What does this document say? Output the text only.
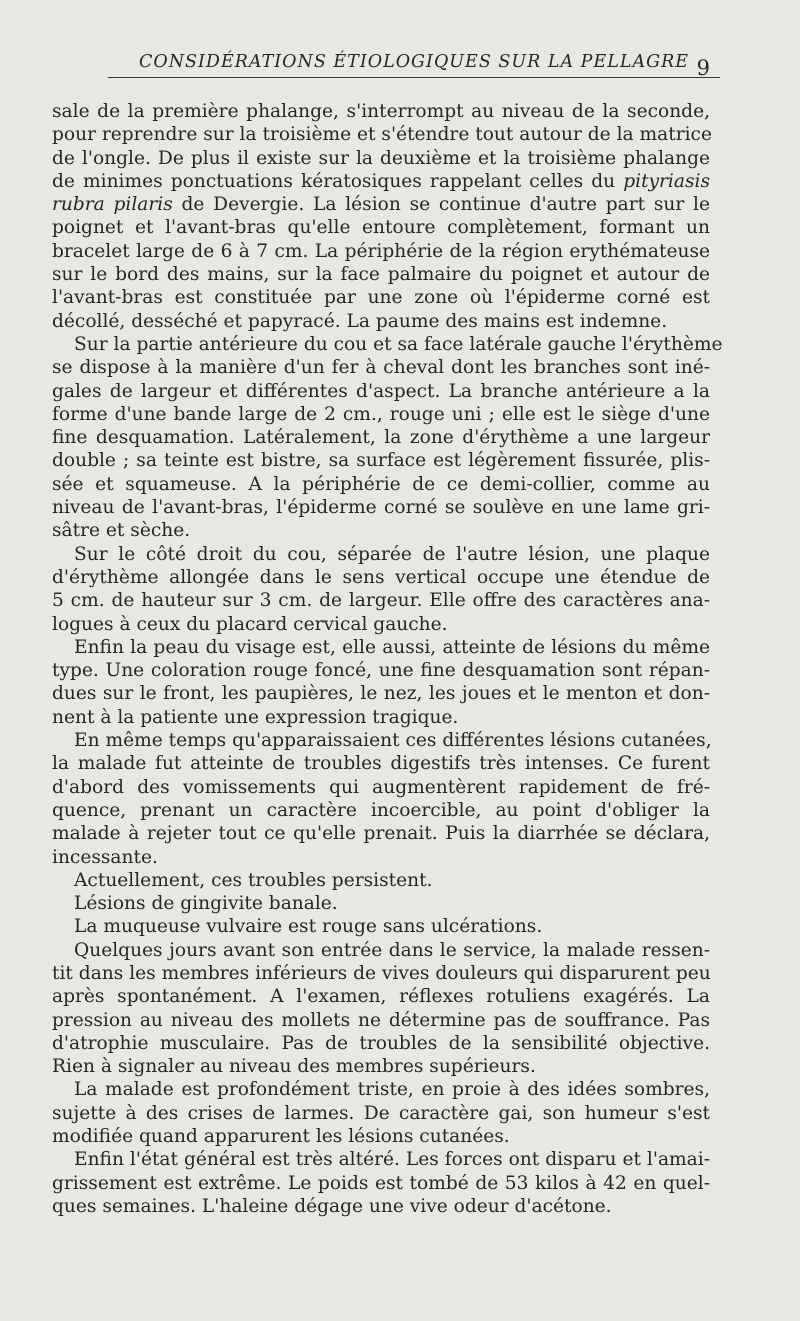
CONSIDÉRATIONS ÉTIOLOGIQUES SUR LA PELLAGRE 9
sale de la première phalange, s'interrompt au niveau de la seconde,
pour reprendre sur la troisième et s'étendre tout autour de la matrice
de l'ongle. De plus il existe sur la deuxième et la troisième phalange
de minimes ponctuations kératosiques rappelant celles du pityriasis
rubra pilaris de Devergie. La lésion se continue d'autre part sur le
poignet et l'avant-bras qu'elle entoure complètement, formant un
bracelet large de 6 à 7 cm. La périphérie de la région erythémateuse
sur le bord des mains, sur la face palmaire du poignet et autour de
l'avant-bras est constituée par une zone où l'épiderme corné est
décollé, desséché et papyracé. La paume des mains est indemne.
Sur la partie antérieure du cou et sa face latérale gauche l'érythème
se dispose à la manière d'un fer à cheval dont les branches sont iné-
gales de largeur et différentes d'aspect. La branche antérieure a la
forme d'une bande large de 2 cm., rouge uni ; elle est le siège d'une
fine desquamation. Latéralement, la zone d'érythème a une largeur
double ; sa teinte est bistre, sa surface est légèrement fissurée, plis-
sée et squameuse. A la périphérie de ce demi-collier, comme au
niveau de l'avant-bras, l'épiderme corné se soulève en une lame gri-
sâtre et sèche.
Sur le côté droit du cou, séparée de l'autre lésion, une plaque
d'érythème allongée dans le sens vertical occupe une étendue de
5 cm. de hauteur sur 3 cm. de largeur. Elle offre des caractères ana-
logues à ceux du placard cervical gauche.
Enfin la peau du visage est, elle aussi, atteinte de lésions du même
type. Une coloration rouge foncé, une fine desquamation sont répan-
dues sur le front, les paupières, le nez, les joues et le menton et don-
nent à la patiente une expression tragique.
En même temps qu'apparaissaient ces différentes lésions cutanées,
la malade fut atteinte de troubles digestifs très intenses. Ce furent
d'abord des vomissements qui augmentèrent rapidement de fré-
quence, prenant un caractère incoercible, au point d'obliger la
malade à rejeter tout ce qu'elle prenait. Puis la diarrhée se déclara,
incessante.
Actuellement, ces troubles persistent.
Lésions de gingivite banale.
La muqueuse vulvaire est rouge sans ulcérations.
Quelques jours avant son entrée dans le service, la malade ressen-
tit dans les membres inférieurs de vives douleurs qui disparurent peu
après spontanément. A l'examen, réflexes rotuliens exagérés. La
pression au niveau des mollets ne détermine pas de souffrance. Pas
d'atrophie musculaire. Pas de troubles de la sensibilité objective.
Rien à signaler au niveau des membres supérieurs.
La malade est profondément triste, en proie à des idées sombres,
sujette à des crises de larmes. De caractère gai, son humeur s'est
modifiée quand apparurent les lésions cutanées.
Enfin l'état général est très altéré. Les forces ont disparu et l'amai-
grissement est extrême. Le poids est tombé de 53 kilos à 42 en quel-
ques semaines. L'haleine dégage une vive odeur d'acétone.
